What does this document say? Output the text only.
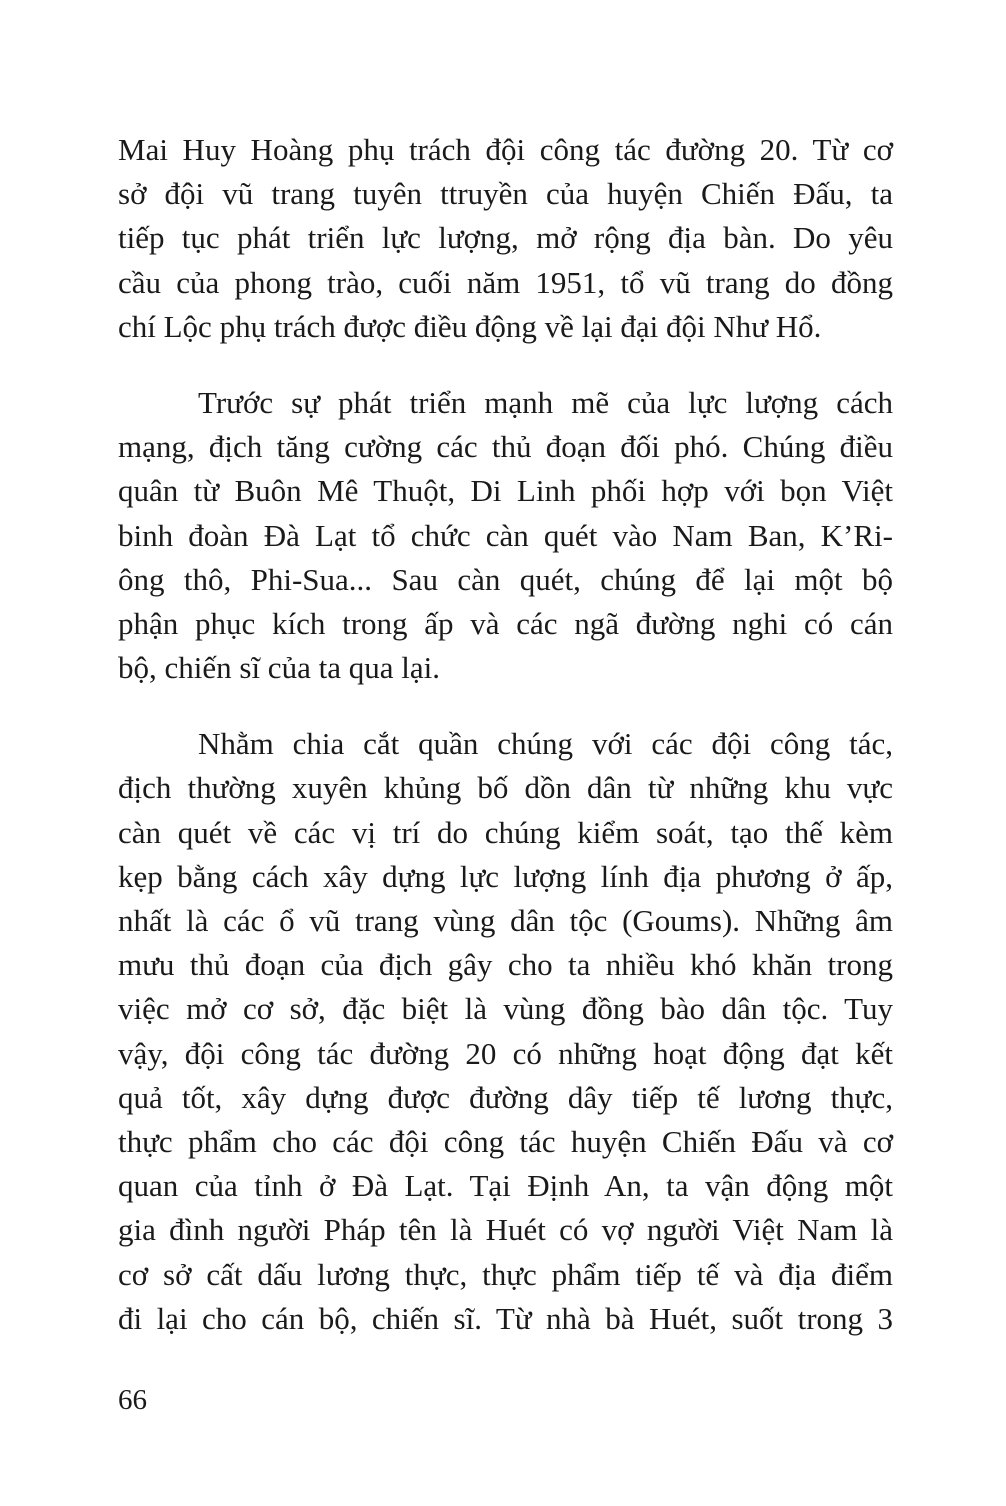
Mai Huy Hoàng phụ trách đội công tác đường 20. Từ cơ
sở đội vũ trang tuyên ttruyền của huyện Chiến Đấu, ta
tiếp tục phát triển lực lượng, mở rộng địa bàn. Do yêu
cầu của phong trào, cuối năm 1951, tổ vũ trang do đồng
chí Lộc phụ trách được điều động về lại đại đội Như Hổ.
Trước sự phát triển mạnh mẽ của lực lượng cách
mạng, địch tăng cường các thủ đoạn đối phó. Chúng điều
quân từ Buôn Mê Thuột, Di Linh phối hợp với bọn Việt
binh đoàn Đà Lạt tổ chức càn quét vào Nam Ban, K’Ri-
ông thô, Phi-Sua... Sau càn quét, chúng để lại một bộ
phận phục kích trong ấp và các ngã đường nghi có cán
bộ, chiến sĩ của ta qua lại.
Nhằm chia cắt quần chúng với các đội công tác,
địch thường xuyên khủng bố dồn dân từ những khu vực
càn quét về các vị trí do chúng kiểm soát, tạo thế kèm
kẹp bằng cách xây dựng lực lượng lính địa phương ở ấp,
nhất là các ổ vũ trang vùng dân tộc (Goums). Những âm
mưu thủ đoạn của địch gây cho ta nhiều khó khăn trong
việc mở cơ sở, đặc biệt là vùng đồng bào dân tộc. Tuy
vậy, đội công tác đường 20 có những hoạt động đạt kết
quả tốt, xây dựng được đường dây tiếp tế lương thực,
thực phẩm cho các đội công tác huyện Chiến Đấu và cơ
quan của tỉnh ở Đà Lạt. Tại Định An, ta vận động một
gia đình người Pháp tên là Huét có vợ người Việt Nam là
cơ sở cất dấu lương thực, thực phẩm tiếp tế và địa điểm
đi lại cho cán bộ, chiến sĩ. Từ nhà bà Huét, suốt trong 3
66
